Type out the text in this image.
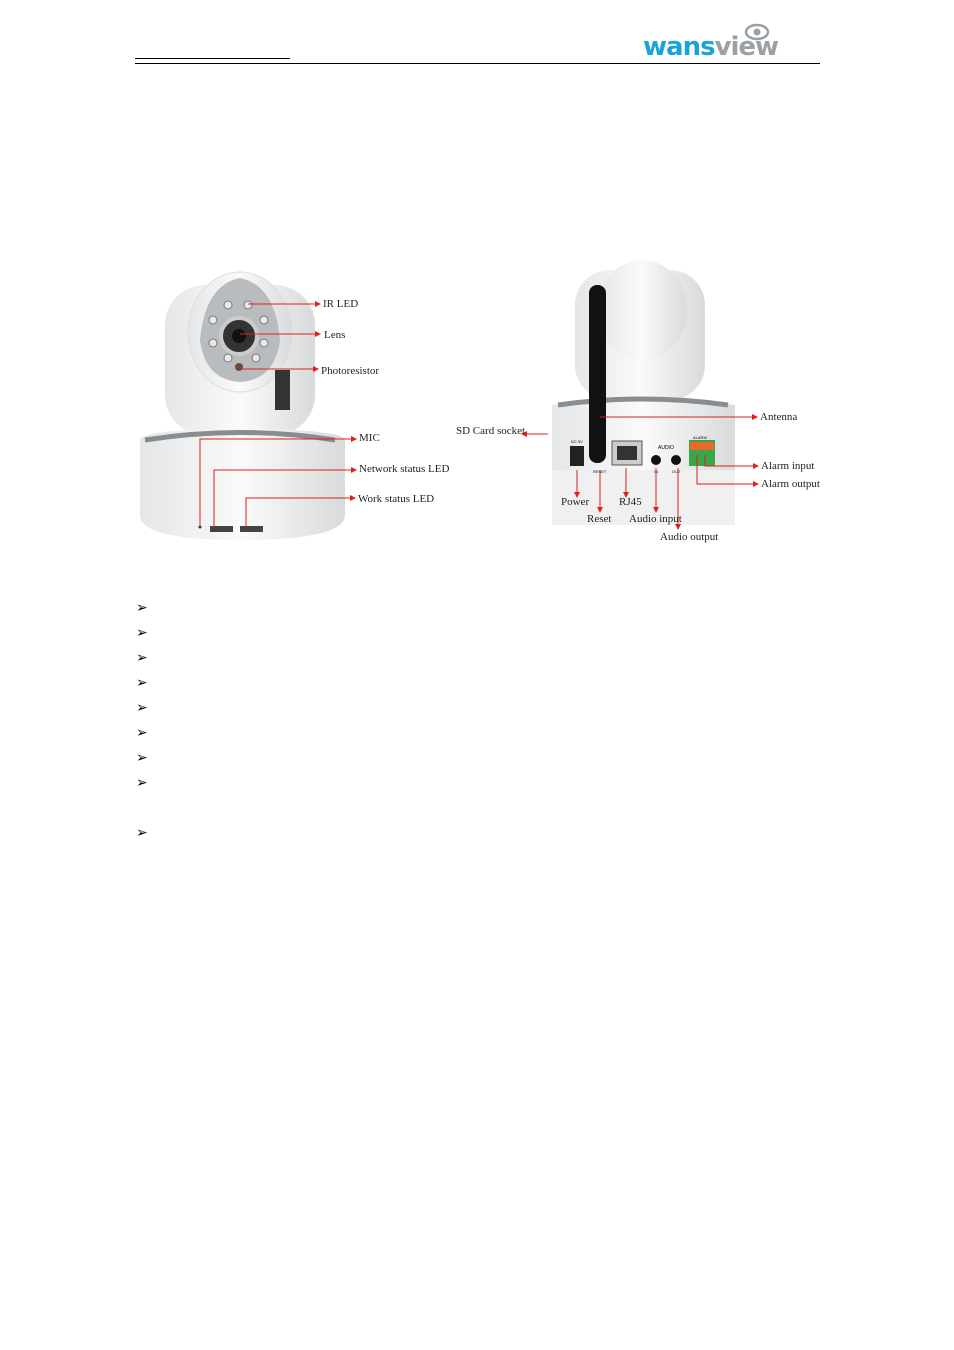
wansview
IR LED
Lens
Photoresistor
MIC
Network status LED
Work status LED
DC 5V
RESET
AUDIO
ALARM
IN	OUT
Antenna
SD Card socket
Alarm input
Alarm output
Power
Reset
RJ45
Audio input
Audio output
➢
➢
➢
➢
➢
➢
➢
➢
➢
